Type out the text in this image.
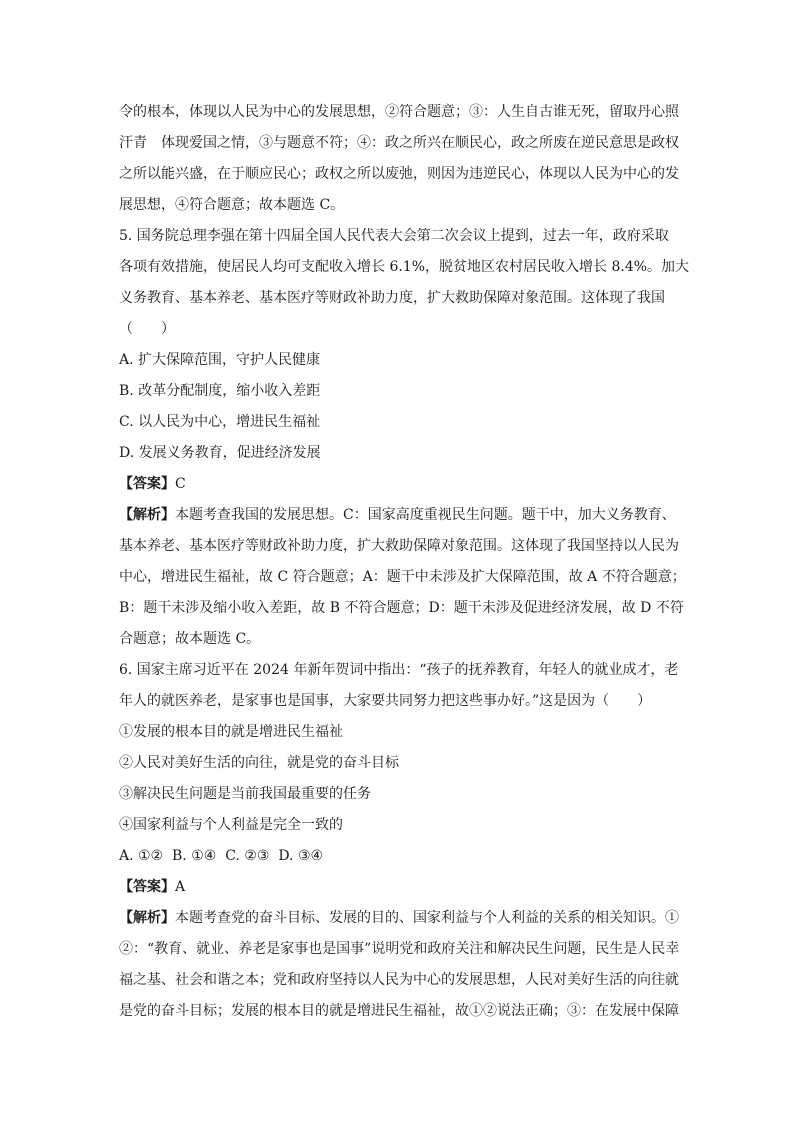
令的根本，体现以人民为中心的发展思想，②符合题意；③：人生自古谁无死，留取丹心照
汗青　体现爱国之情，③与题意不符；④：政之所兴在顺民心，政之所废在逆民意思是政权
之所以能兴盛，在于顺应民心；政权之所以废弛，则因为违逆民心，体现以人民为中心的发
展思想，④符合题意；故本题选 C。
5. 国务院总理李强在第十四届全国人民代表大会第二次会议上提到，过去一年，政府采取
各项有效措施，使居民人均可支配收入增长 6.1%，脱贫地区农村居民收入增长 8.4%。加大
义务教育、基本养老、基本医疗等财政补助力度，扩大救助保障对象范围。这体现了我国
（　　）
A. 扩大保障范围，守护人民健康
B. 改革分配制度，缩小收入差距
C. 以人民为中心，增进民生福祉
D. 发展义务教育，促进经济发展
【答案】C
【解析】本题考查我国的发展思想。C：国家高度重视民生问题。题干中，加大义务教育、
基本养老、基本医疗等财政补助力度，扩大救助保障对象范围。这体现了我国坚持以人民为
中心，增进民生福祉，故 C 符合题意；A：题干中未涉及扩大保障范围，故 A 不符合题意；
B：题干未涉及缩小收入差距，故 B 不符合题意；D：题干未涉及促进经济发展，故 D 不符
合题意；故本题选 C。
6. 国家主席习近平在 2024 年新年贺词中指出：“孩子的抚养教育，年轻人的就业成才，老
年人的就医养老，是家事也是国事，大家要共同努力把这些事办好。”这是因为（　　）
①发展的根本目的就是增进民生福祉
②人民对美好生活的向往，就是党的奋斗目标
③解决民生问题是当前我国最重要的任务
④国家利益与个人利益是完全一致的
A. ①②  B. ①④  C. ②③  D. ③④
【答案】A
【解析】本题考查党的奋斗目标、发展的目的、国家利益与个人利益的关系的相关知识。①
②：“教育、就业、养老是家事也是国事”说明党和政府关注和解决民生问题，民生是人民幸
福之基、社会和谐之本；党和政府坚持以人民为中心的发展思想，人民对美好生活的向往就
是党的奋斗目标；发展的根本目的就是增进民生福祉，故①②说法正确；③：在发展中保障
